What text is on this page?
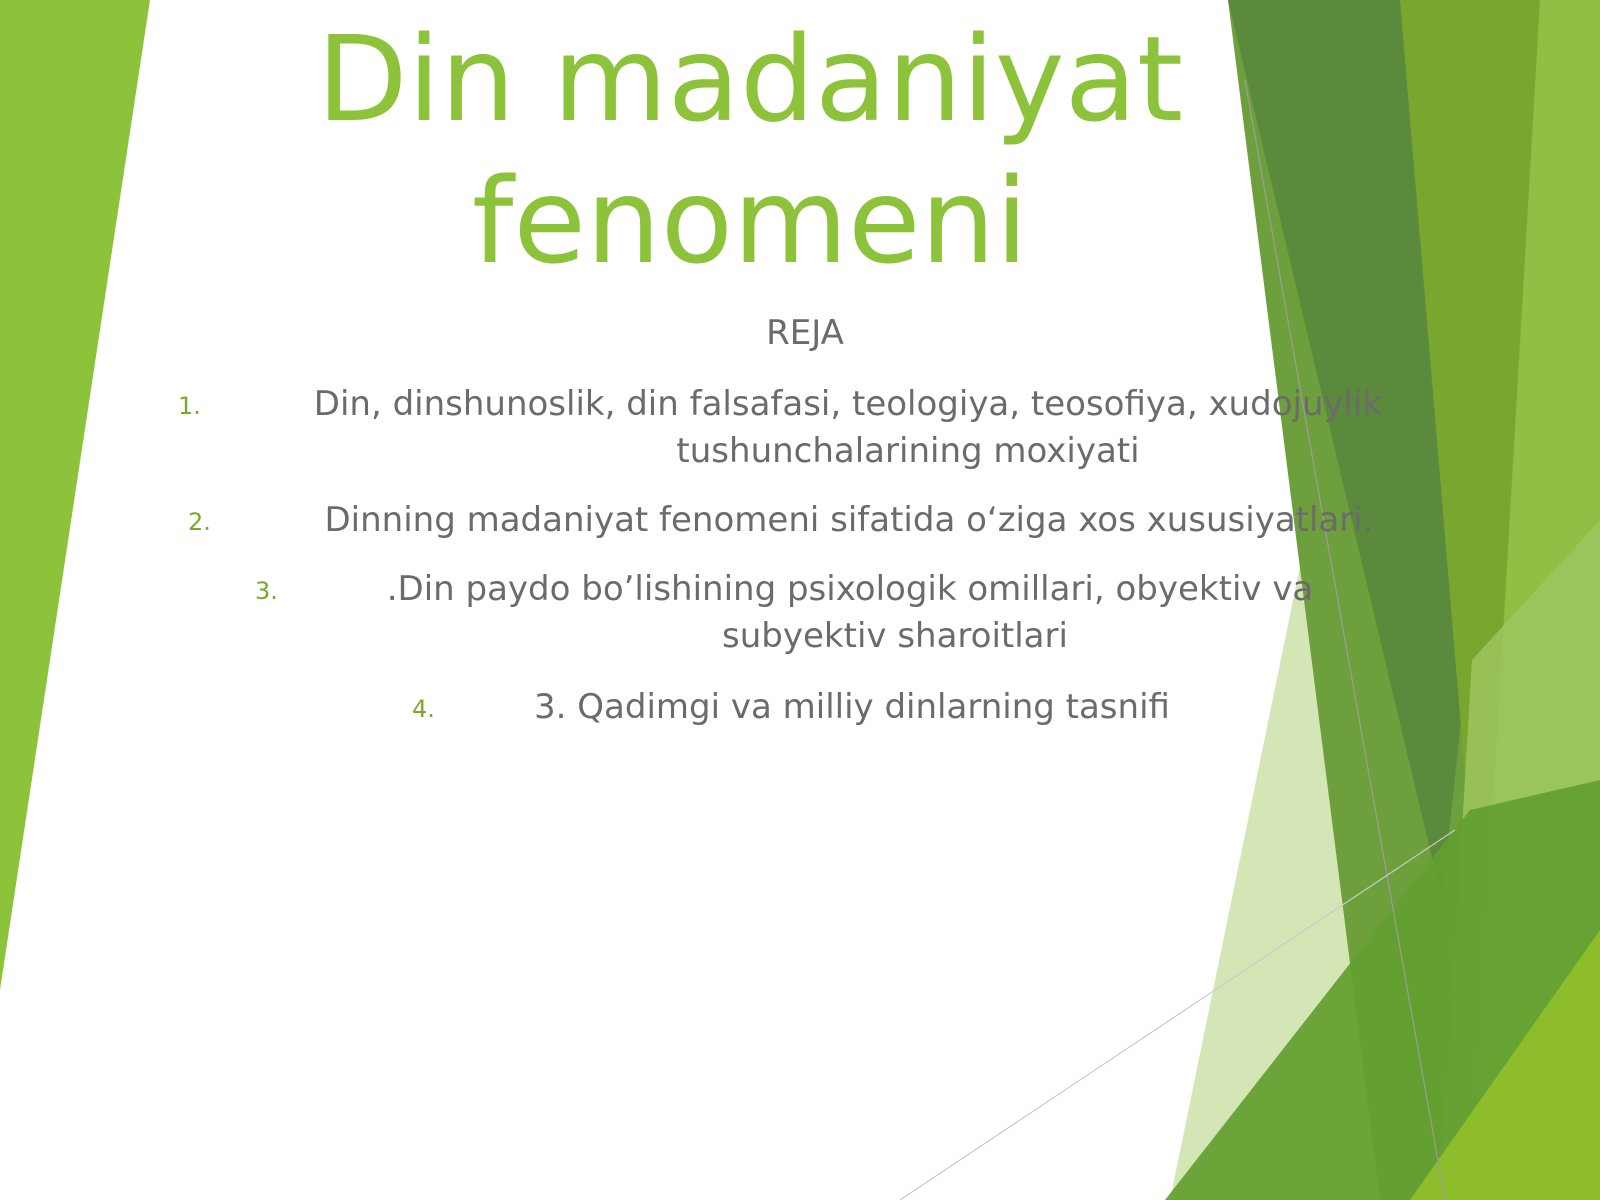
Din madaniyat
fenomeni
REJA
1.	Din, dinshunoslik, din falsafasi, teologiya, teosofiya, xudojuylik
tushunchalarining moxiyati
2.	Dinning madaniyat fenomeni sifatida o‘ziga xos xususiyatlari.
3.	.Din paydo bo’lishining psixologik omillari, obyektiv va
subyektiv sharoitlari
4.	3. Qadimgi va milliy dinlarning tasnifi
